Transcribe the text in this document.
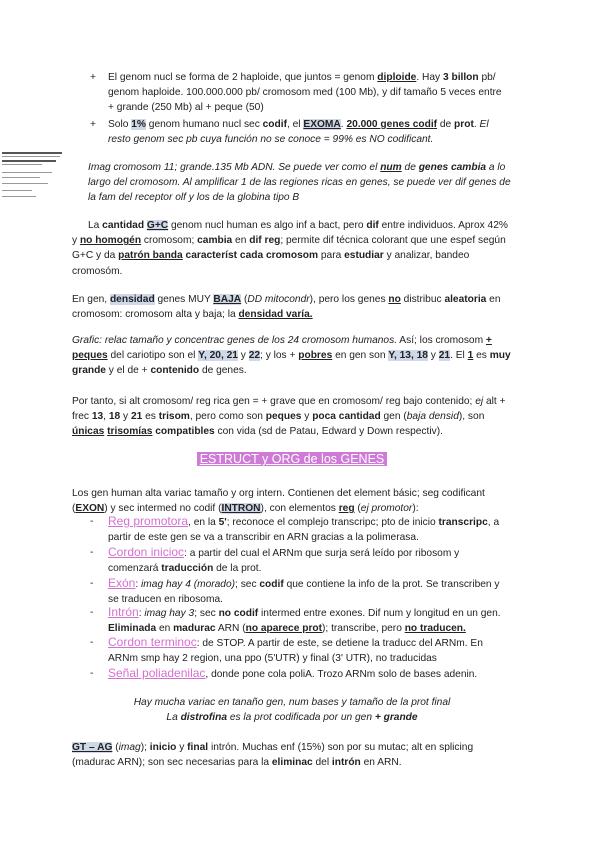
+	El genom nucl se forma de 2 haploide, que juntos = genom diploide. Hay 3 billon pb/ genom haploide. 100.000.000 pb/ cromosom med (100 Mb), y dif tamaño 5 veces entre + grande (250 Mb) al + peque (50)
+	Solo 1% genom humano nucl sec codif, el EXOMA. 20.000 genes codif de prot. El resto genom sec pb cuya función no se conoce = 99% es NO codificant.
Imag cromosom 11; grande.135 Mb ADN. Se puede ver como el num de genes cambia a lo largo del cromosom. Al amplificar 1 de las regiones ricas en genes, se puede ver dif genes de la fam del receptor olf y los de la globina tipo B
La cantidad G+C genom nucl human es algo inf a bact, pero dif entre individuos. Aprox 42% y no homogén cromosom; cambia en dif reg; permite dif técnica colorant que une espef según G+C y da patrón banda característ cada cromosom para estudiar y analizar, bandeo cromosóm.
En gen, densidad genes MUY BAJA (DD mitocondr), pero los genes no distribuc aleatoria en cromosom: cromosom alta y baja; la densidad varía.
Grafic: relac tamaño y concentrac genes de los 24 cromosom humanos. Así; los cromosom + peques del cariotipo son el Y, 20, 21 y 22; y los + pobres en gen son Y, 13, 18 y 21. El 1 es muy grande y el de + contenido de genes.
Por tanto, si alt cromosom/ reg rica gen = + grave que en cromosom/ reg bajo contenido; ej alt + frec 13, 18 y 21 es trisom, pero como son peques y poca cantidad gen (baja densid), son únicas trisomías compatibles con vida (sd de Patau, Edward y Down respectiv).
ESTRUCT y ORG de los GENES
Los gen human alta variac tamaño y org intern. Contienen det element básic; seg codificant (EXON) y sec intermed no codif (INTRON), con elementos reg (ej promotor):
-	Reg promotora, en la 5'; reconoce el complejo transcripc; pto de inicio transcripc, a partir de este gen se va a transcribir en ARN gracias a la polimerasa.
-	Cordon inicioc: a partir del cual el ARNm que surja será leído por ribosom y comenzará traducción de la prot.
-	Exón: imag hay 4 (morado); sec codif que contiene la info de la prot. Se transcriben y se traducen en ribosoma.
-	Intrón: imag hay 3; sec no codif intermed entre exones. Dif num y longitud en un gen. Eliminada en madurac ARN (no aparece prot); transcribe, pero no traducen.
-	Cordon terminoc: de STOP. A partir de este, se detiene la traducc del ARNm. En ARNm smp hay 2 region, una ppo (5'UTR) y final (3' UTR), no traducidas
-	Señal poliadenilac, donde pone cola poliA. Trozo ARNm solo de bases adenin.
Hay mucha variac en tanaño gen, num bases y tamaño de la prot final
La distrofina es la prot codificada por un gen + grande
GT – AG (imag); inicio y final intrón. Muchas enf (15%) son por su mutac; alt en splicing (madurac ARN); son sec necesarias para la eliminac del intrón en ARN.
